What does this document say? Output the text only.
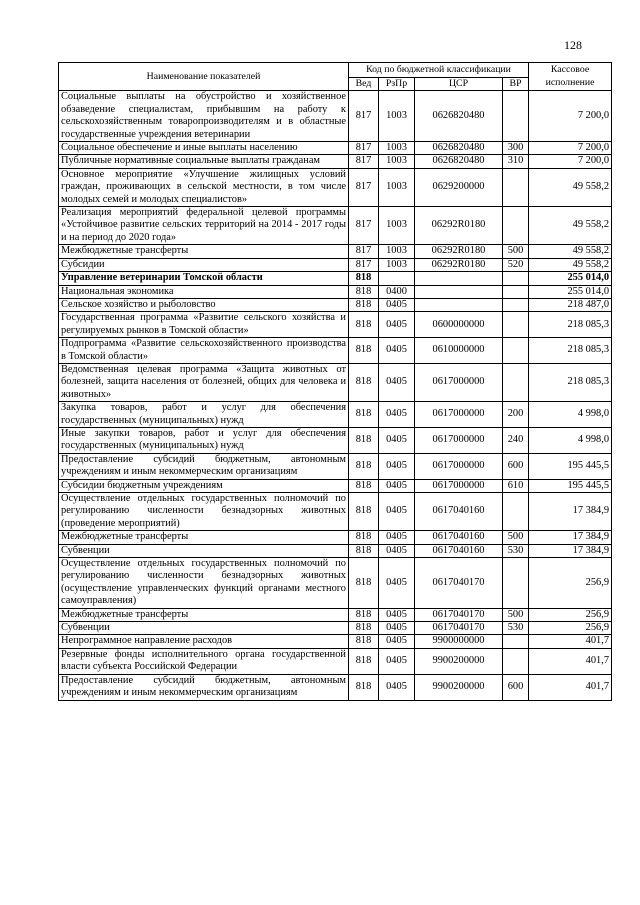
128
Наименование показателей	Код по бюджетной классификации				Кассовое исполнение
	Вед	РзПр	ЦСР	ВР	
Социальные выплаты на обустройство и хозяйственное обзаведение специалистам, прибывшим на работу к сельскохозяйственным товаропроизводителям и в областные государственные учреждения ветеринарии	817	1003	0626820480		7 200,0
Социальное обеспечение и иные выплаты населению	817	1003	0626820480	300	7 200,0
Публичные нормативные социальные выплаты гражданам	817	1003	0626820480	310	7 200,0
Основное мероприятие «Улучшение жилищных условий граждан, проживающих в сельской местности, в том числе молодых семей и молодых специалистов»	817	1003	0629200000		49 558,2
Реализация мероприятий федеральной целевой программы «Устойчивое развитие сельских территорий на 2014 - 2017 годы и на период до 2020 года»	817	1003	06292R0180		49 558,2
Межбюджетные трансферты	817	1003	06292R0180	500	49 558,2
Субсидии	817	1003	06292R0180	520	49 558,2
Управление ветеринарии Томской области	818				255 014,0
Национальная экономика	818	0400			255 014,0
Сельское хозяйство и рыболовство	818	0405			218 487,0
Государственная программа «Развитие сельского хозяйства и регулируемых рынков в Томской области»	818	0405	0600000000		218 085,3
Подпрограмма «Развитие сельскохозяйственного производства в Томской области»	818	0405	0610000000		218 085,3
Ведомственная целевая программа «Защита животных от болезней, защита населения от болезней, общих для человека и животных»	818	0405	0617000000		218 085,3
Закупка товаров, работ и услуг для обеспечения государственных (муниципальных) нужд	818	0405	0617000000	200	4 998,0
Иные закупки товаров, работ и услуг для обеспечения государственных (муниципальных) нужд	818	0405	0617000000	240	4 998,0
Предоставление субсидий бюджетным, автономным учреждениям и иным некоммерческим организациям	818	0405	0617000000	600	195 445,5
Субсидии бюджетным учреждениям	818	0405	0617000000	610	195 445,5
Осуществление отдельных государственных полномочий по регулированию численности безнадзорных животных (проведение мероприятий)	818	0405	0617040160		17 384,9
Межбюджетные трансферты	818	0405	0617040160	500	17 384,9
Субвенции	818	0405	0617040160	530	17 384,9
Осуществление отдельных государственных полномочий по регулированию численности безнадзорных животных (осуществление управленческих функций органами местного самоуправления)	818	0405	0617040170		256,9
Межбюджетные трансферты	818	0405	0617040170	500	256,9
Субвенции	818	0405	0617040170	530	256,9
Непрограммное направление расходов	818	0405	9900000000		401,7
Резервные фонды исполнительного органа государственной власти субъекта Российской Федерации	818	0405	9900200000		401,7
Предоставление субсидий бюджетным, автономным учреждениям и иным некоммерческим организациям	818	0405	9900200000	600	401,7
